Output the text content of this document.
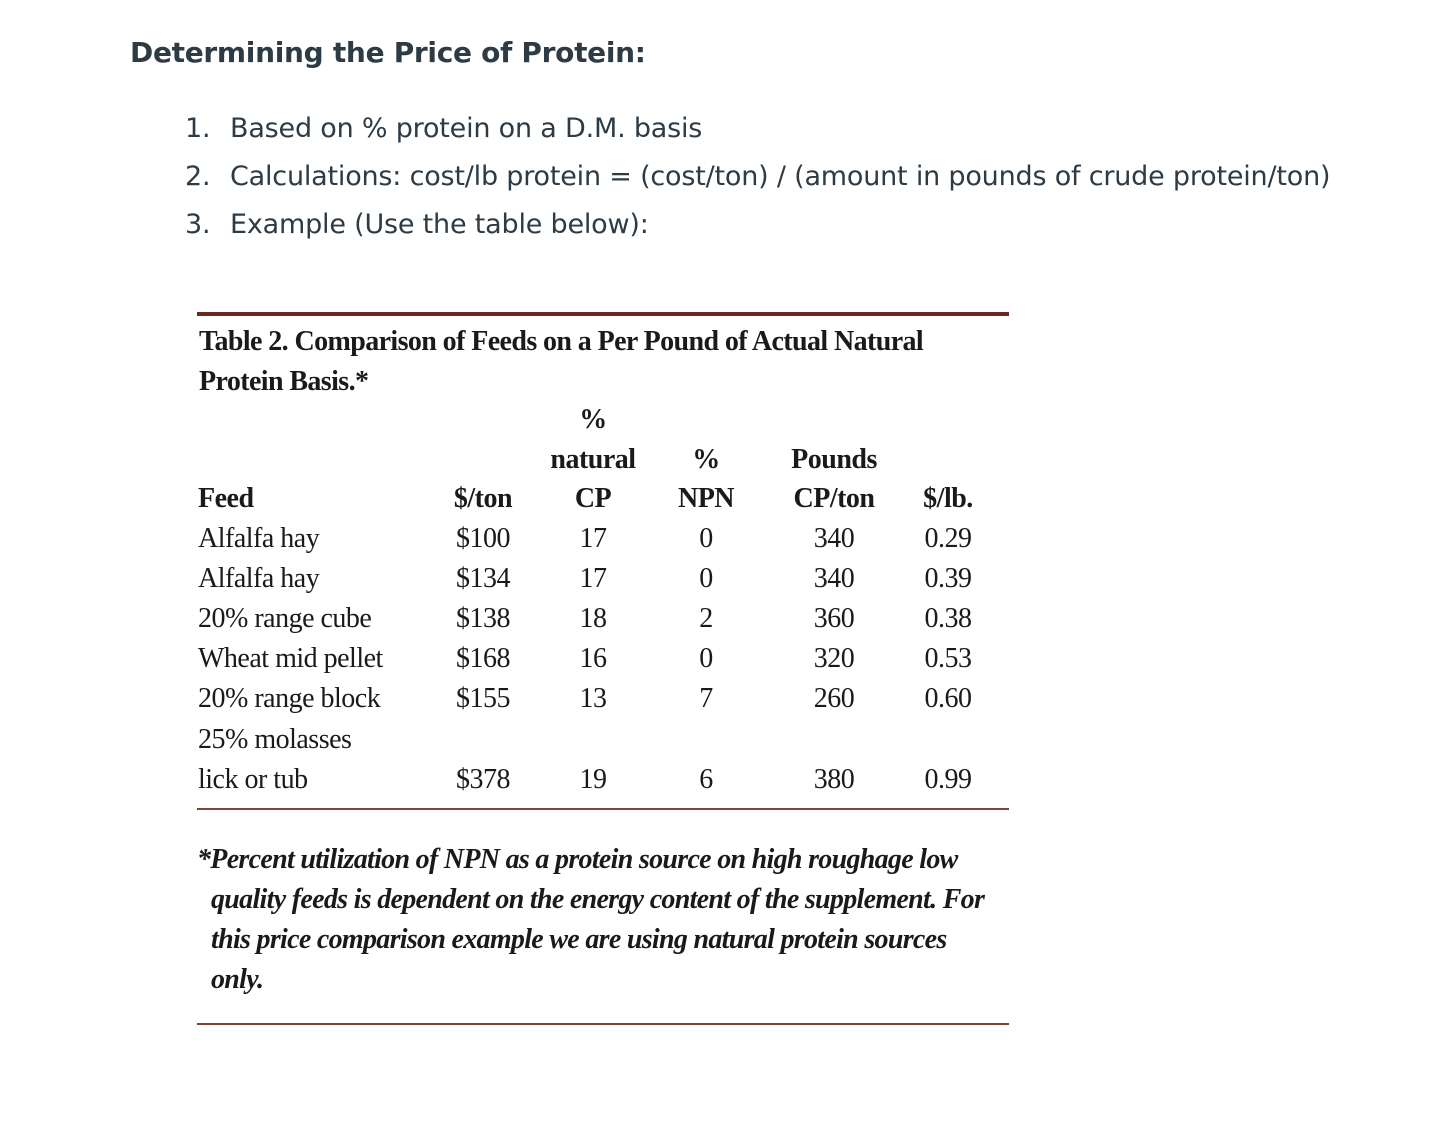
Determining the Price of Protein:
1. Based on % protein on a D.M. basis
2. Calculations: cost/lb protein = (cost/ton) / (amount in pounds of crude protein/ton)
3. Example (Use the table below):

Table 2. Comparison of Feeds on a Per Pound of Actual Natural Protein Basis.*

%
natural	%	Pounds
Feed	$/ton	CP	NPN	CP/ton	$/lb.
Alfalfa hay	$100	17	0	340	0.29
Alfalfa hay	$134	17	0	340	0.39
20% range cube	$138	18	2	360	0.38
Wheat mid pellet	$168	16	0	320	0.53
20% range block	$155	13	7	260	0.60
25% molasses
lick or tub	$378	19	6	380	0.99

*Percent utilization of NPN as a protein source on high roughage low quality feeds is dependent on the energy content of the supplement. For this price comparison example we are using natural protein sources only.
